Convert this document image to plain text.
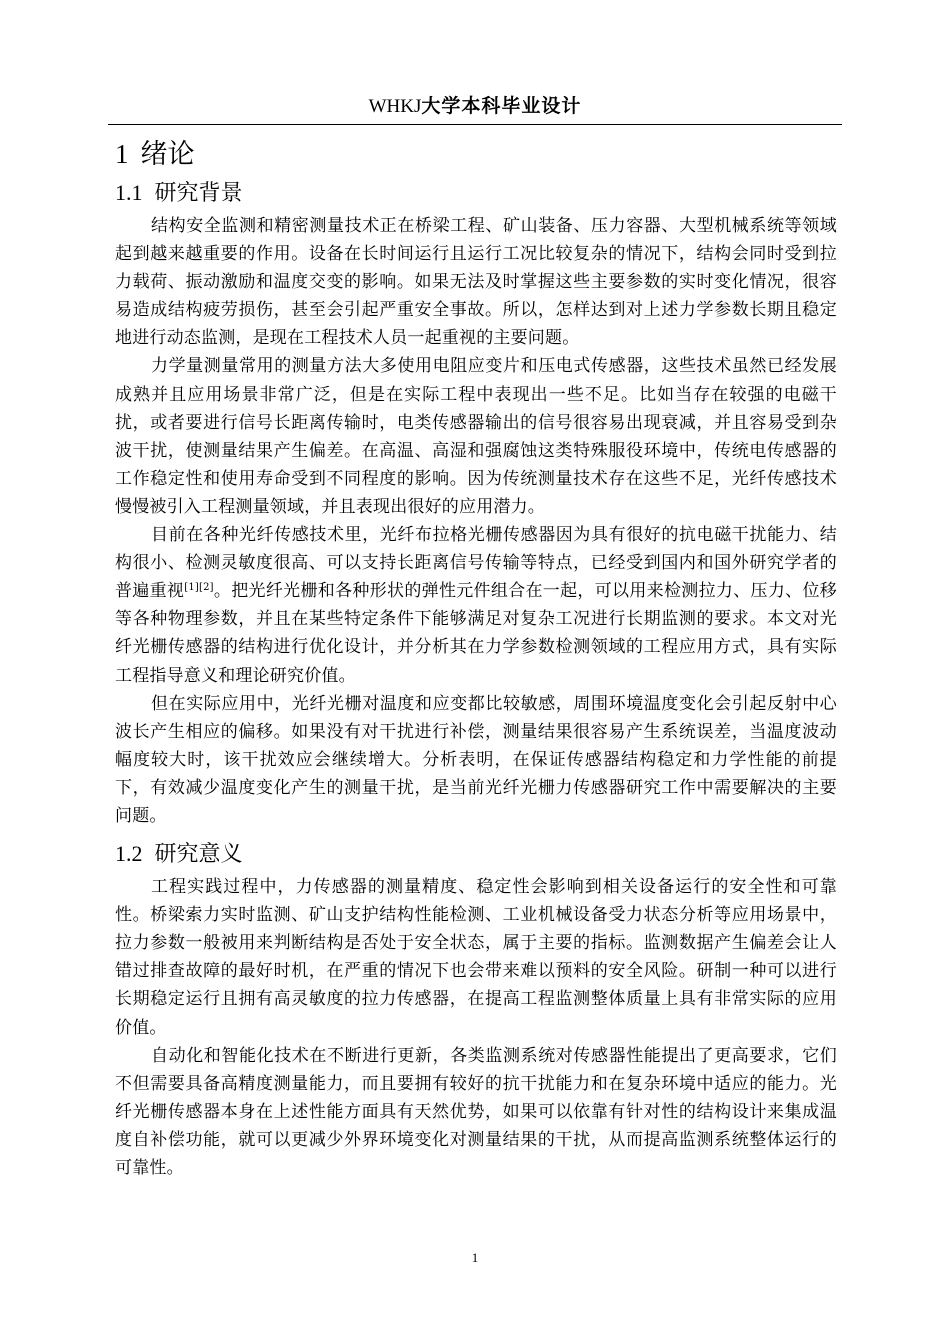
WHKJ大学本科毕业设计
1 绪论
1.1 研究背景

结构安全监测和精密测量技术正在桥梁工程、矿山装备、压力容器、大型机械系统等领域起到越来越重要的作用。设备在长时间运行且运行工况比较复杂的情况下，结构会同时受到拉力载荷、振动激励和温度交变的影响。如果无法及时掌握这些主要参数的实时变化情况，很容易造成结构疲劳损伤，甚至会引起严重安全事故。所以，怎样达到对上述力学参数长期且稳定地进行动态监测，是现在工程技术人员一起重视的主要问题。

力学量测量常用的测量方法大多使用电阻应变片和压电式传感器，这些技术虽然已经发展成熟并且应用场景非常广泛，但是在实际工程中表现出一些不足。比如当存在较强的电磁干扰，或者要进行信号长距离传输时，电类传感器输出的信号很容易出现衰减，并且容易受到杂波干扰，使测量结果产生偏差。在高温、高湿和强腐蚀这类特殊服役环境中，传统电传感器的工作稳定性和使用寿命受到不同程度的影响。因为传统测量技术存在这些不足，光纤传感技术慢慢被引入工程测量领域，并且表现出很好的应用潜力。

目前在各种光纤传感技术里，光纤布拉格光栅传感器因为具有很好的抗电磁干扰能力、结构很小、检测灵敏度很高、可以支持长距离信号传输等特点，已经受到国内和国外研究学者的普遍重视[1][2]。把光纤光栅和各种形状的弹性元件组合在一起，可以用来检测拉力、压力、位移等各种物理参数，并且在某些特定条件下能够满足对复杂工况进行长期监测的要求。本文对光纤光栅传感器的结构进行优化设计，并分析其在力学参数检测领域的工程应用方式，具有实际工程指导意义和理论研究价值。

但在实际应用中，光纤光栅对温度和应变都比较敏感，周围环境温度变化会引起反射中心波长产生相应的偏移。如果没有对干扰进行补偿，测量结果很容易产生系统误差，当温度波动幅度较大时，该干扰效应会继续增大。分析表明，在保证传感器结构稳定和力学性能的前提下，有效减少温度变化产生的测量干扰，是当前光纤光栅力传感器研究工作中需要解决的主要问题。

1.2 研究意义

工程实践过程中，力传感器的测量精度、稳定性会影响到相关设备运行的安全性和可靠性。桥梁索力实时监测、矿山支护结构性能检测、工业机械设备受力状态分析等应用场景中，拉力参数一般被用来判断结构是否处于安全状态，属于主要的指标。监测数据产生偏差会让人错过排查故障的最好时机，在严重的情况下也会带来难以预料的安全风险。研制一种可以进行长期稳定运行且拥有高灵敏度的拉力传感器，在提高工程监测整体质量上具有非常实际的应用价值。

自动化和智能化技术在不断进行更新，各类监测系统对传感器性能提出了更高要求，它们不但需要具备高精度测量能力，而且要拥有较好的抗干扰能力和在复杂环境中适应的能力。光纤光栅传感器本身在上述性能方面具有天然优势，如果可以依靠有针对性的结构设计来集成温度自补偿功能，就可以更减少外界环境变化对测量结果的干扰，从而提高监测系统整体运行的可靠性。

1
